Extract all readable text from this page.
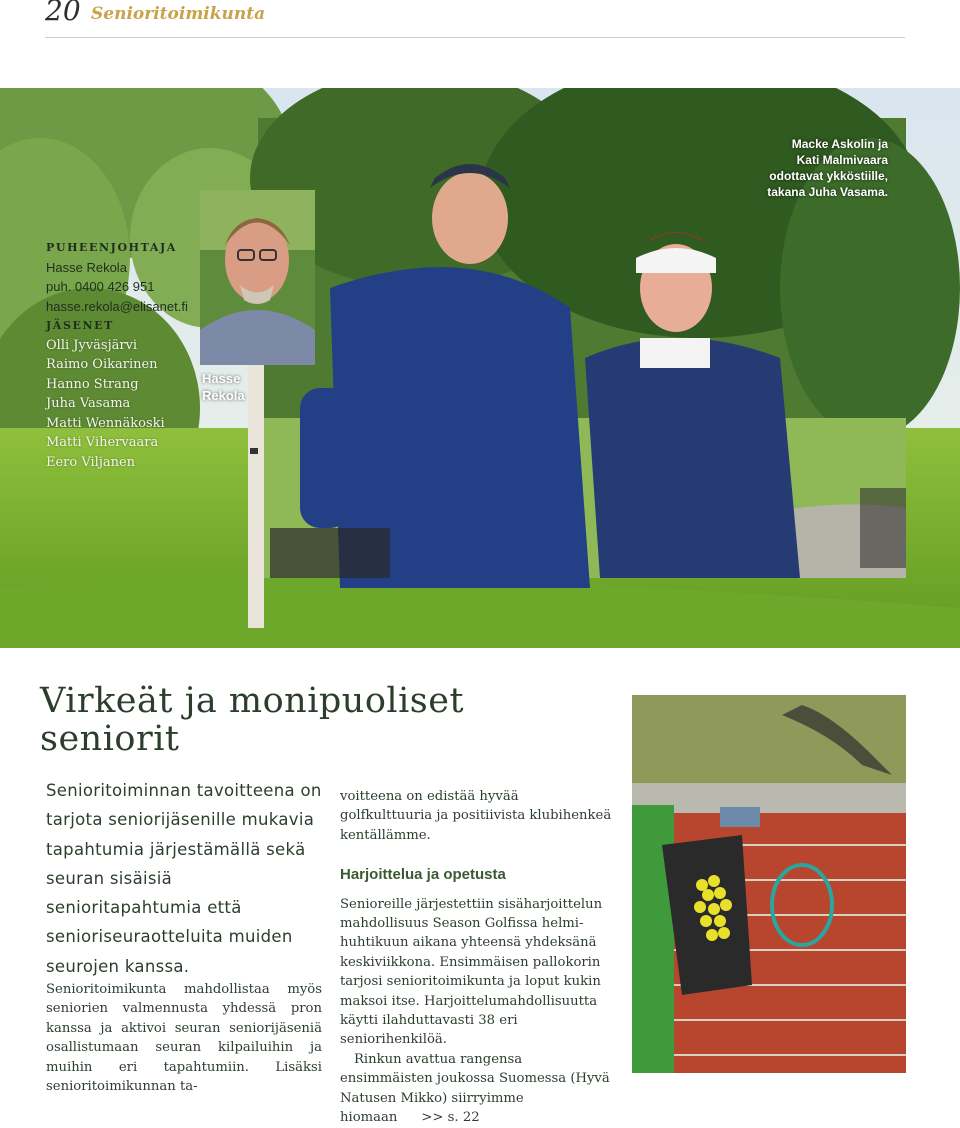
20 Senioritoimikunta
PUHEENJOHTAJA
Hasse Rekola
puh. 0400 426 951
hasse.rekola@elisanet.fi
JÄSENET
Olli Jyväsjärvi
Raimo Oikarinen
Hanno Strang
Juha Vasama
Matti Wennäkoski
Matti Vihervaara
Eero Viljanen
Hasse
Rekola
Macke Askolin ja
Kati Malmivaara
odottavat ykköstiille,
takana Juha Vasama.
Virkeät ja monipuoliset
seniorit
Senioritoiminnan tavoitteena on tarjota seniorijäsenille mukavia tapahtumia järjestämällä sekä seuran sisäisiä senioritapahtumia että senioriseuraotteluita muiden seurojen kanssa.
Senioritoimikunta mahdollistaa myös seniorien valmennusta yhdessä pron kanssa ja aktivoi seuran seniorijäseniä osallistumaan seuran kilpailuihin ja muihin eri tapahtumiin. Lisäksi senioritoimikunnan ta-

voitteena on edistää hyvää golfkulttuuria ja positiivista klubihenkeä kentällämme.

Harjoittelua ja opetusta

Senioreille järjestettiin sisäharjoittelun mahdollisuus Season Golfissa helmi-huhtikuun aikana yhteensä yhdeksänä keskiviikkona. Ensimmäisen pallokorin tarjosi senioritoimikunta ja loput kukin maksoi itse. Harjoittelumahdollisuutta käytti ilahduttavasti 38 eri seniorihenkilöä.

Rinkun avattua rangensa ensimmäisten joukossa Suomessa (Hyvä Natusen Mikko) siirryimme hiomaan >> s. 22
